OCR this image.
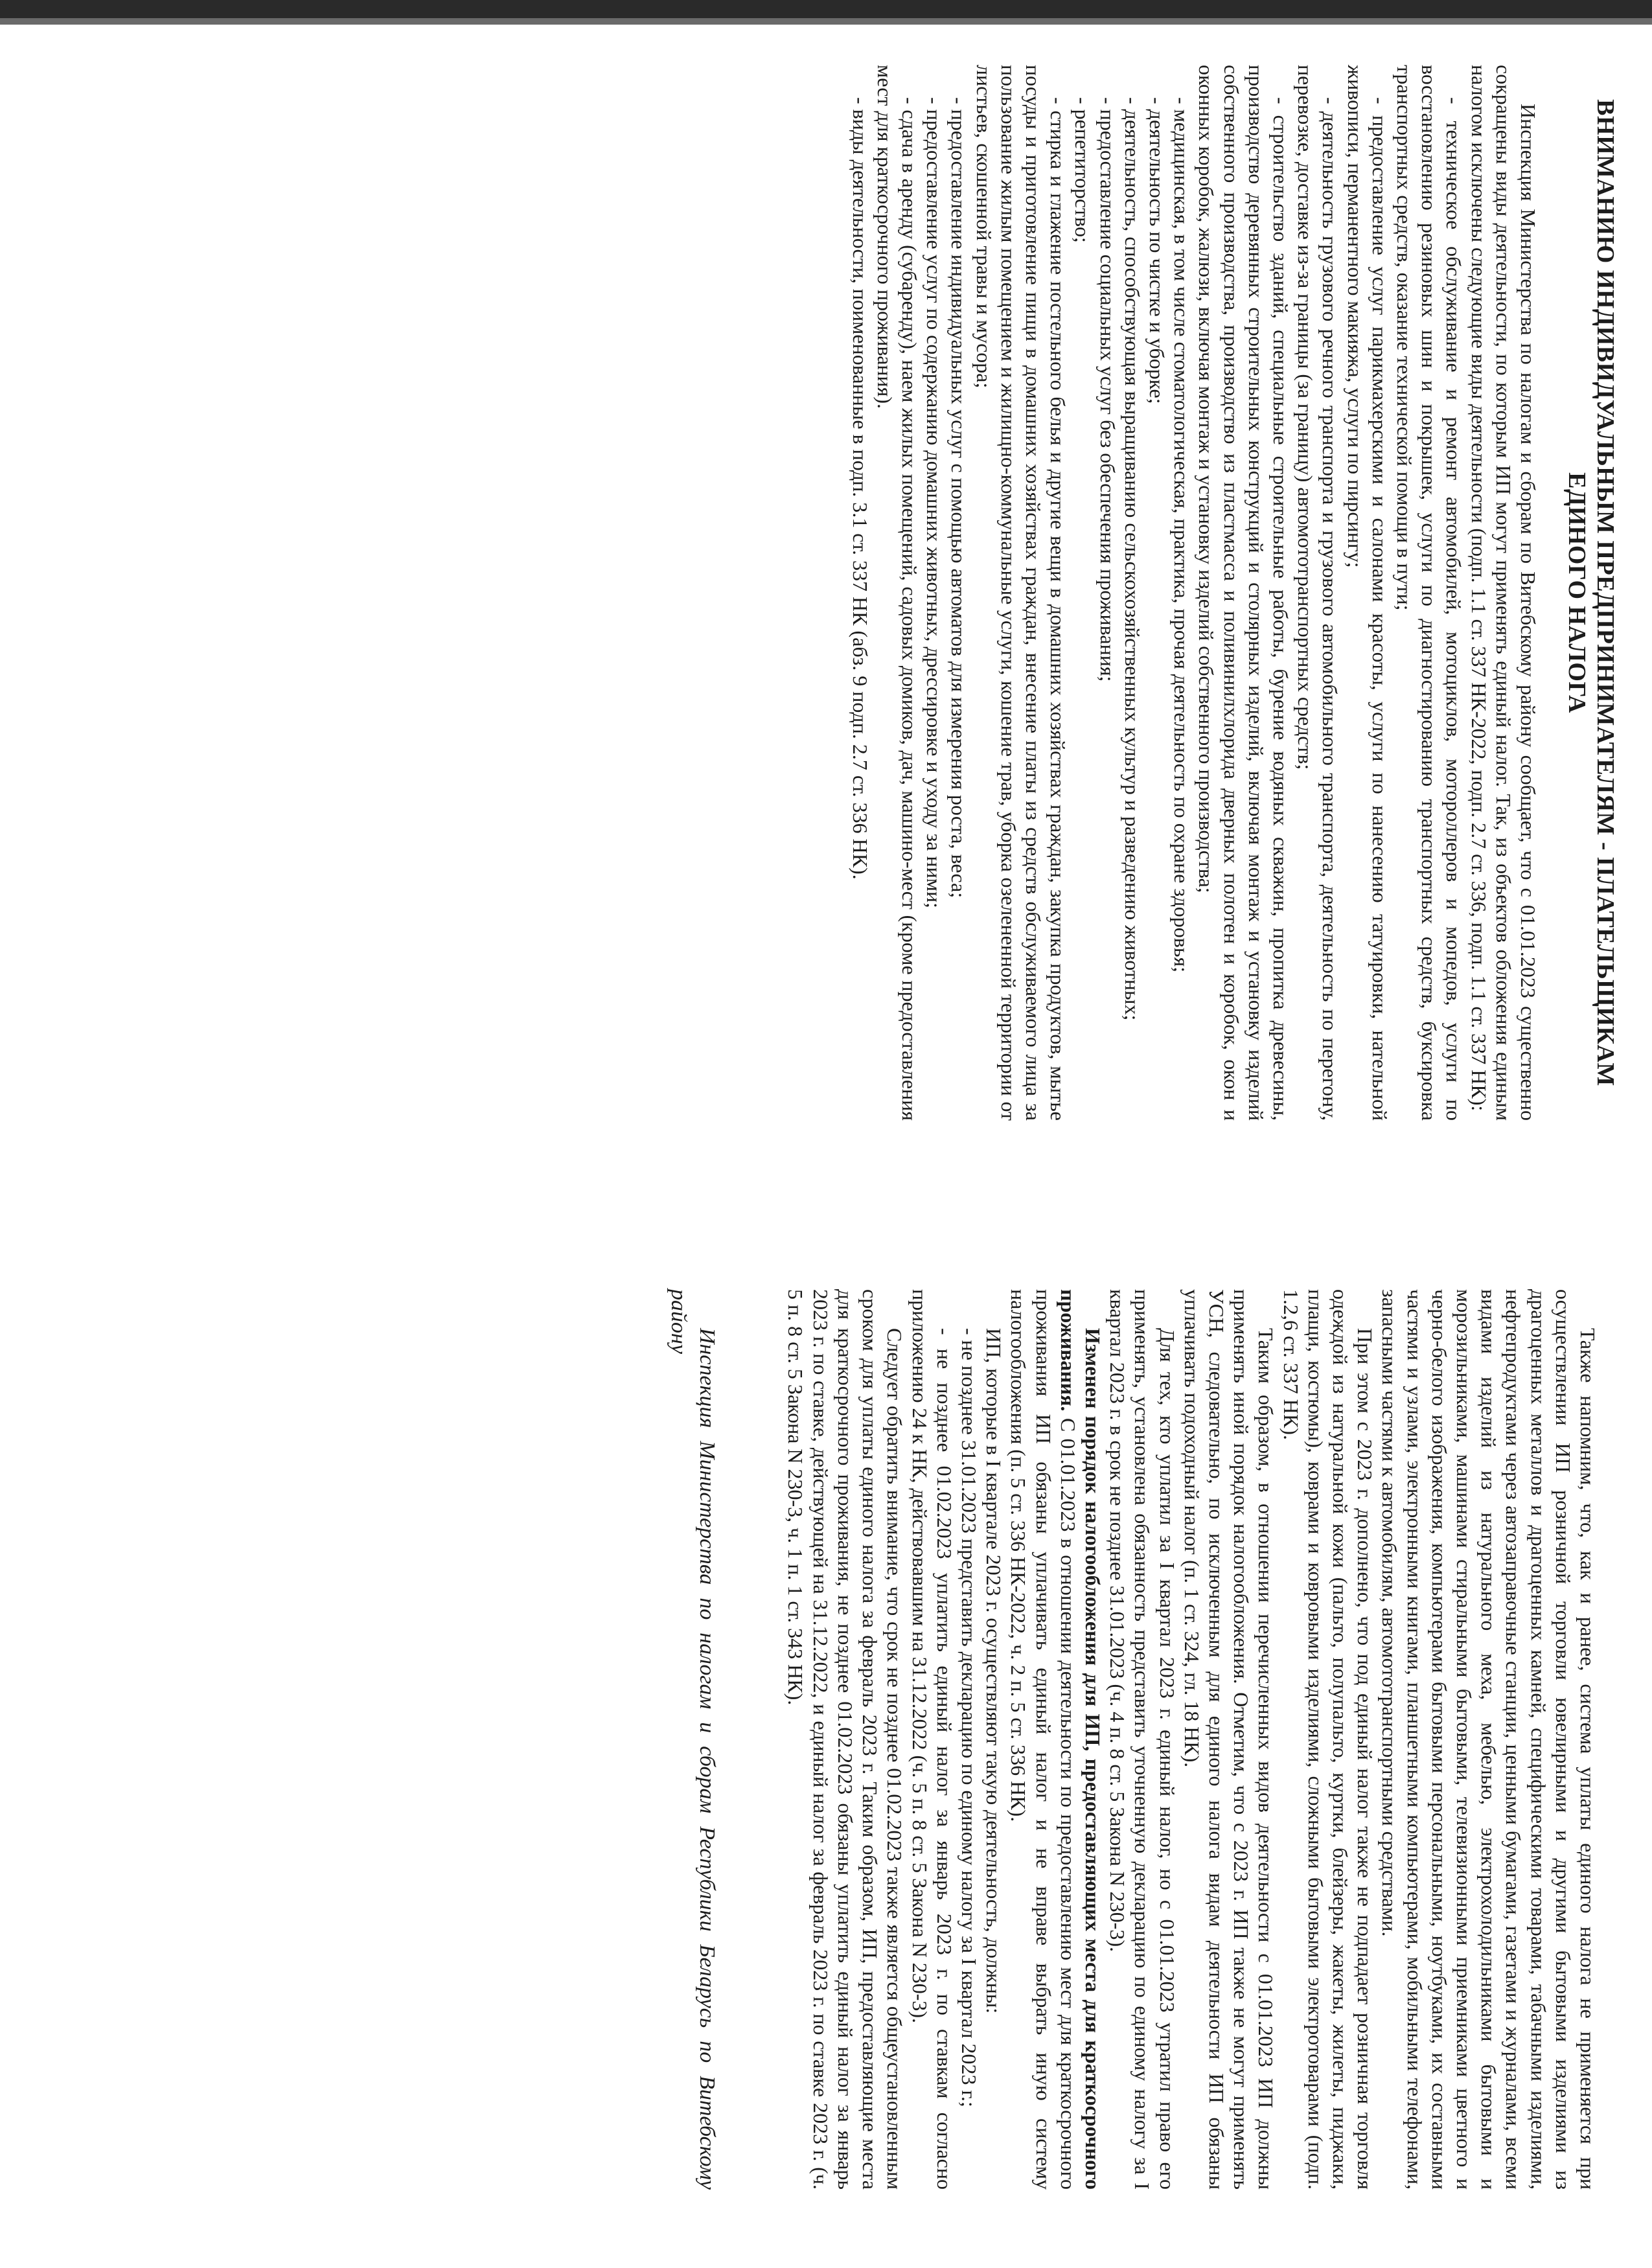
ВНИМАНИЮ ИНДИВИДУАЛЬНЫМ ПРЕДПРИНИМАТЕЛЯМ - ПЛАТЕЛЬЩИКАМ ЕДИНОГО НАЛОГА

Инспекция Министерства по налогам и сборам по Витебскому району сообщает, что с 01.01.2023 существенно сокращены виды деятельности, по которым ИП могут применять единый налог. Так, из объектов обложения единым налогом исключены следующие виды деятельности (подп. 1.1 ст. 337 НК-2022, подп. 2.7 ст. 336, подп. 1.1 ст. 337 НК):

- техническое обслуживание и ремонт автомобилей, мотоциклов, мотороллеров и мопедов, услуги по восстановлению резиновых шин и покрышек, услуги по диагностированию транспортных средств, буксировка транспортных средств, оказание технической помощи в пути;

- предоставление услуг парикмахерскими и салонами красоты, услуги по нанесению татуировки, нательной живописи, перманентного макияжа, услуги по пирсингу;

- деятельность грузового речного транспорта и грузового автомобильного транспорта, деятельность по перегону, перевозке, доставке из-за границы (за границу) автомототранспортных средств;

- строительство зданий, специальные строительные работы, бурение водяных скважин, пропитка древесины, производство деревянных строительных конструкций и столярных изделий, включая монтаж и установку изделий собственного производства, производство из пластмасса и поливинилхлорида дверных полотен и коробок, окон и оконных коробок, жалюзи, включая монтаж и установку изделий собственного производства;

- медицинская, в том числе стоматологическая, практика, прочая деятельность по охране здоровья;

- деятельность по чистке и уборке;

- деятельность, способствующая выращиванию сельскохозяйственных культур и разведению животных;

- предоставление социальных услуг без обеспечения проживания;

- репетиторство;

- стирка и глажение постельного белья и другие вещи в домашних хозяйствах граждан, закупка продуктов, мытье посуды и приготовление пищи в домашних хозяйствах граждан, внесение платы из средств обслуживаемого лица за пользование жилым помещением и жилищно-коммунальные услуги, кошение трав, уборка озелененной территории от листьев, скошенной травы и мусора;

- предоставление индивидуальных услуг с помощью автоматов для измерения роста, веса;

- предоставление услуг по содержанию домашних животных, дрессировке и уходу за ними;

- сдача в аренду (субаренду), наем жилых помещений, садовых домиков, дач, машино-мест (кроме предоставления мест для краткосрочного проживания).

- виды деятельности, поименованные в подп. 3.1 ст. 337 НК (абз. 9 подп. 2.7 ст. 336 НК).

Также напомним, что, как и ранее, система уплаты единого налога не применяется при осуществлении ИП розничной торговли ювелирными и другими бытовыми изделиями из драгоценных металлов и драгоценных камней, специфическими товарами, табачными изделиями, нефтепродуктами через автозаправочные станции, ценными бумагами, газетами и журналами, всеми видами изделий из натурального меха, мебелью, электрохолодильниками бытовыми и морозильниками, машинами стиральными бытовыми, телевизионными приемниками цветного и черно-белого изображения, компьютерами бытовыми персональными, ноутбуками, их составными частями и узлами, электронными книгами, планшетными компьютерами, мобильными телефонами, запасными частями к автомобилям, автомототранспортными средствами.

При этом с 2023 г. дополнено, что под единый налог также не подпадает розничная торговля одеждой из натуральной кожи (пальто, полупальто, куртки, блейзеры, жакеты, жилеты, пиджаки, плащи, костюмы), коврами и ковровыми изделиями, сложными бытовыми электротоварами (подп. 1.2,6 ст. 337 НК).

Таким образом, в отношении перечисленных видов деятельности с 01.01.2023 ИП должны применять иной порядок налогообложения. Отметим, что с 2023 г. ИП также не могут применять УСН, следовательно, по исключенным для единого налога видам деятельности ИП обязаны уплачивать подоходный налог (п. 1 ст. 324, гл. 18 НК).

Для тех, кто уплатил за I квартал 2023 г. единый налог, но с 01.01.2023 утратил право его применять, установлена обязанность представить уточненную декларацию по единому налогу за I квартал 2023 г. в срок не позднее 31.01.2023 (ч. 4 п. 8 ст. 5 Закона N 230-3).

Изменен порядок налогообложения для ИП, предоставляющих места для краткосрочного проживания. С 01.01.2023 в отношении деятельности по предоставлению мест для краткосрочного проживания ИП обязаны уплачивать единый налог и не вправе выбрать иную систему налогообложения (п. 5 ст. 336 НК-2022, ч. 2 п. 5 ст. 336 НК).

ИП, которые в I квартале 2023 г. осуществляют такую деятельность, должны:

- не позднее 31.01.2023 представить декларацию по единому налогу за I квартал 2023 г.;

- не позднее 01.02.2023 уплатить единый налог за январь 2023 г. по ставкам согласно приложению 24 к НК, действовавшим на 31.12.2022 (ч. 5 п. 8 ст. 5 Закона N 230-3).

Следует обратить внимание, что срок не позднее 01.02.2023 также является общеустановленным сроком для уплаты единого налога за февраль 2023 г. Таким образом, ИП, предоставляющие места для краткосрочного проживания, не позднее 01.02.2023 обязаны уплатить единый налог за январь 2023 г. по ставке, действующей на 31.12.2022, и единый налог за февраль 2023 г. по ставке 2023 г. (ч. 5 п. 8 ст. 5 Закона N 230-3, ч. 1 п. 1 ст. 343 НК).

Инспекция Министерства по налогам и сборам Республики Беларусь по Витебскому району
